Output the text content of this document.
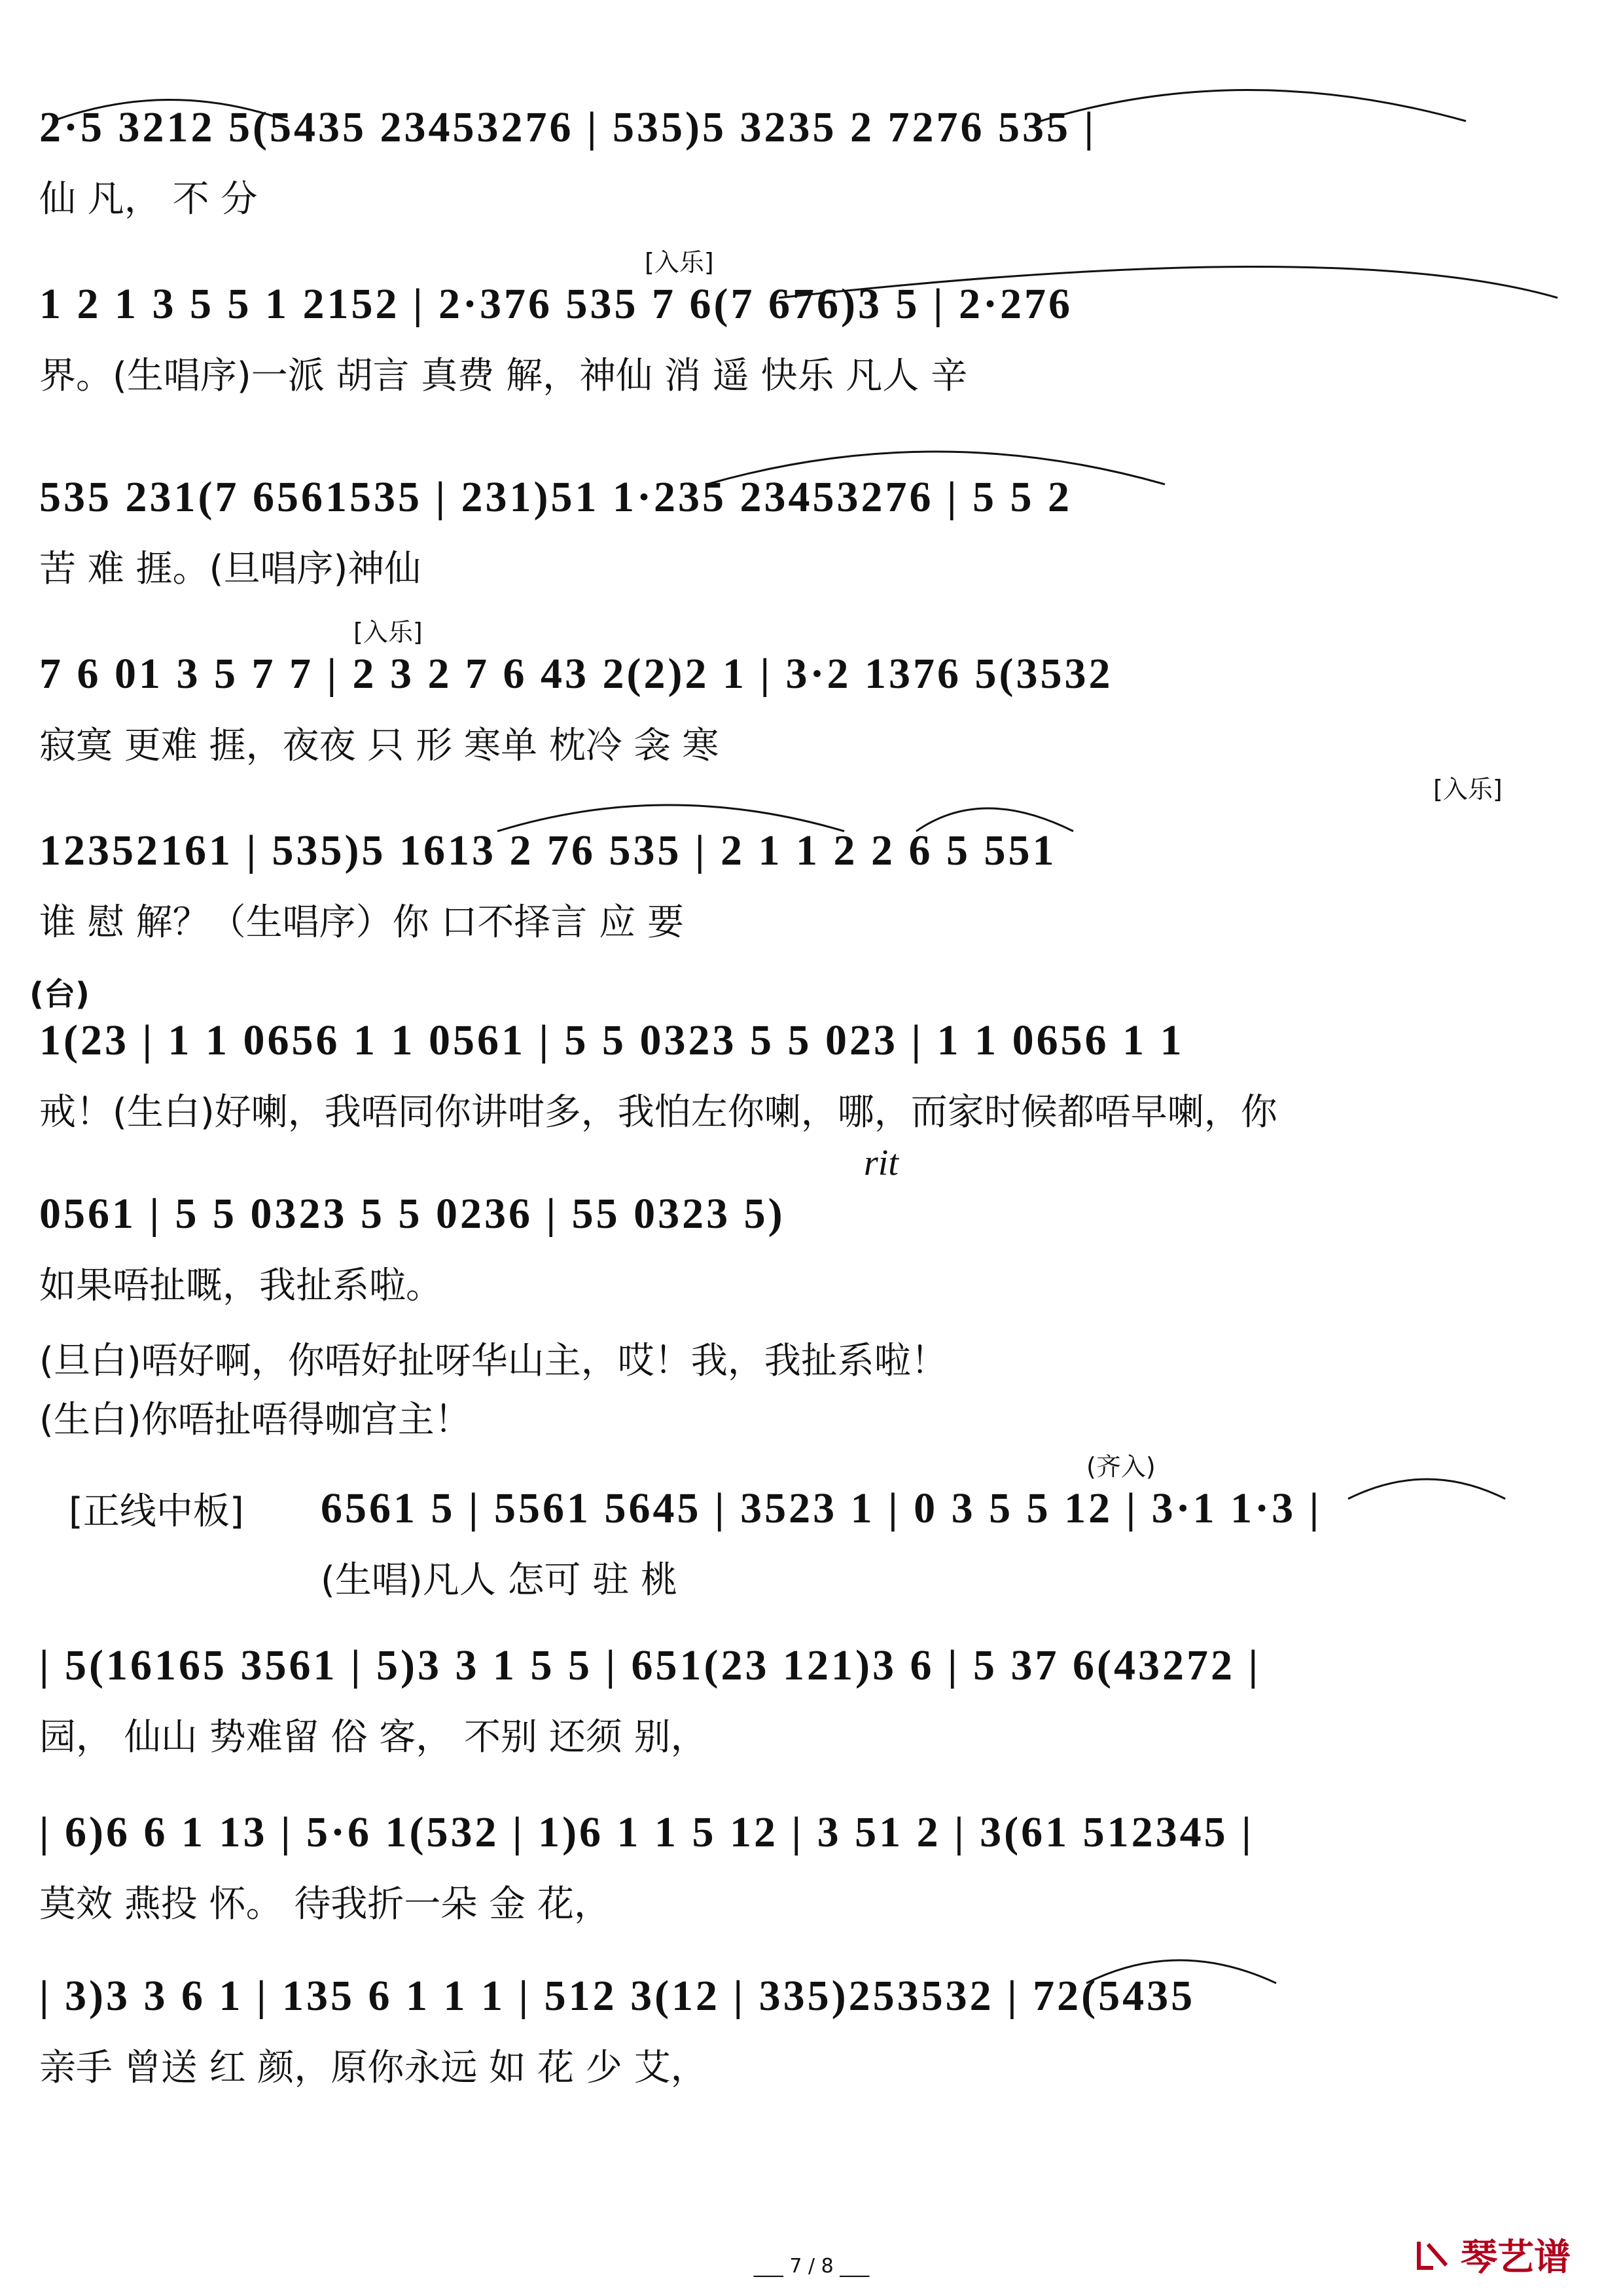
2·5 3212 5(5435 23453276 | 535)5 3235 2 7276 535 |
仙 凡， 不 分
[入乐]
1 2 1 3 5 5 1 2152 | 2·376 535 7 6(7 676)3 5 | 2·276
界。(生唱序)一派 胡言 真费 解，神仙 消 遥 快乐 凡人 辛
535 231(7 6561535 | 231)51 1·235 23453276 | 5 5 2
苦 难 捱。(旦唱序)神仙
[入乐]
7 6 01 3 5 7 7 | 2 3 2 7 6 43 2(2)2 1 | 3·2 1376 5(3532
寂寞 更难 捱，夜夜 只 形 寒单 枕冷 衾 寒
[入乐]
12352161 | 535)5 1613 2 76 535 | 2 1 1 2 2 6 5 551
谁 慰 解？（生唱序）你 口不择言 应 要
(台)
1(23 | 1 1 0656 1 1 0561 | 5 5 0323 5 5 023 | 1 1 0656 1 1
戒！(生白)好喇，我唔同你讲咁多，我怕左你喇，哪，而家时候都唔早喇，你
rit
0561 | 5 5 0323 5 5 0236 | 55 0323 5)
如果唔扯嘅，我扯系啦。
(旦白)唔好啊，你唔好扯呀华山主，哎！我，我扯系啦！
(生白)你唔扯唔得咖宫主！
(齐入)
[正线中板] 6561 5 | 5561 5645 | 3523 1 | 0 3 5 5 12 | 3·1 1·3 |
(生唱)凡人 怎可 驻 桃
| 5(16165 3561 | 5)3 3 1 5 5 | 651(23 121)3 6 | 5 37 6(43272 |
园， 仙山 势难留 俗 客， 不别 还须 别，
| 6)6 6 1 13 | 5·6 1(532 | 1)6 1 1 5 12 | 3 51 2 | 3(61 512345 |
莫效 燕投 怀。 待我折一朵 金 花，
| 3)3 3 6 1 | 135 6 1 1 1 | 512 3(12 | 335)253532 | 72(5435
亲手 曾送 红 颜，原你永远 如 花 少 艾，
___ 7 / 8 ___	琴艺谱
